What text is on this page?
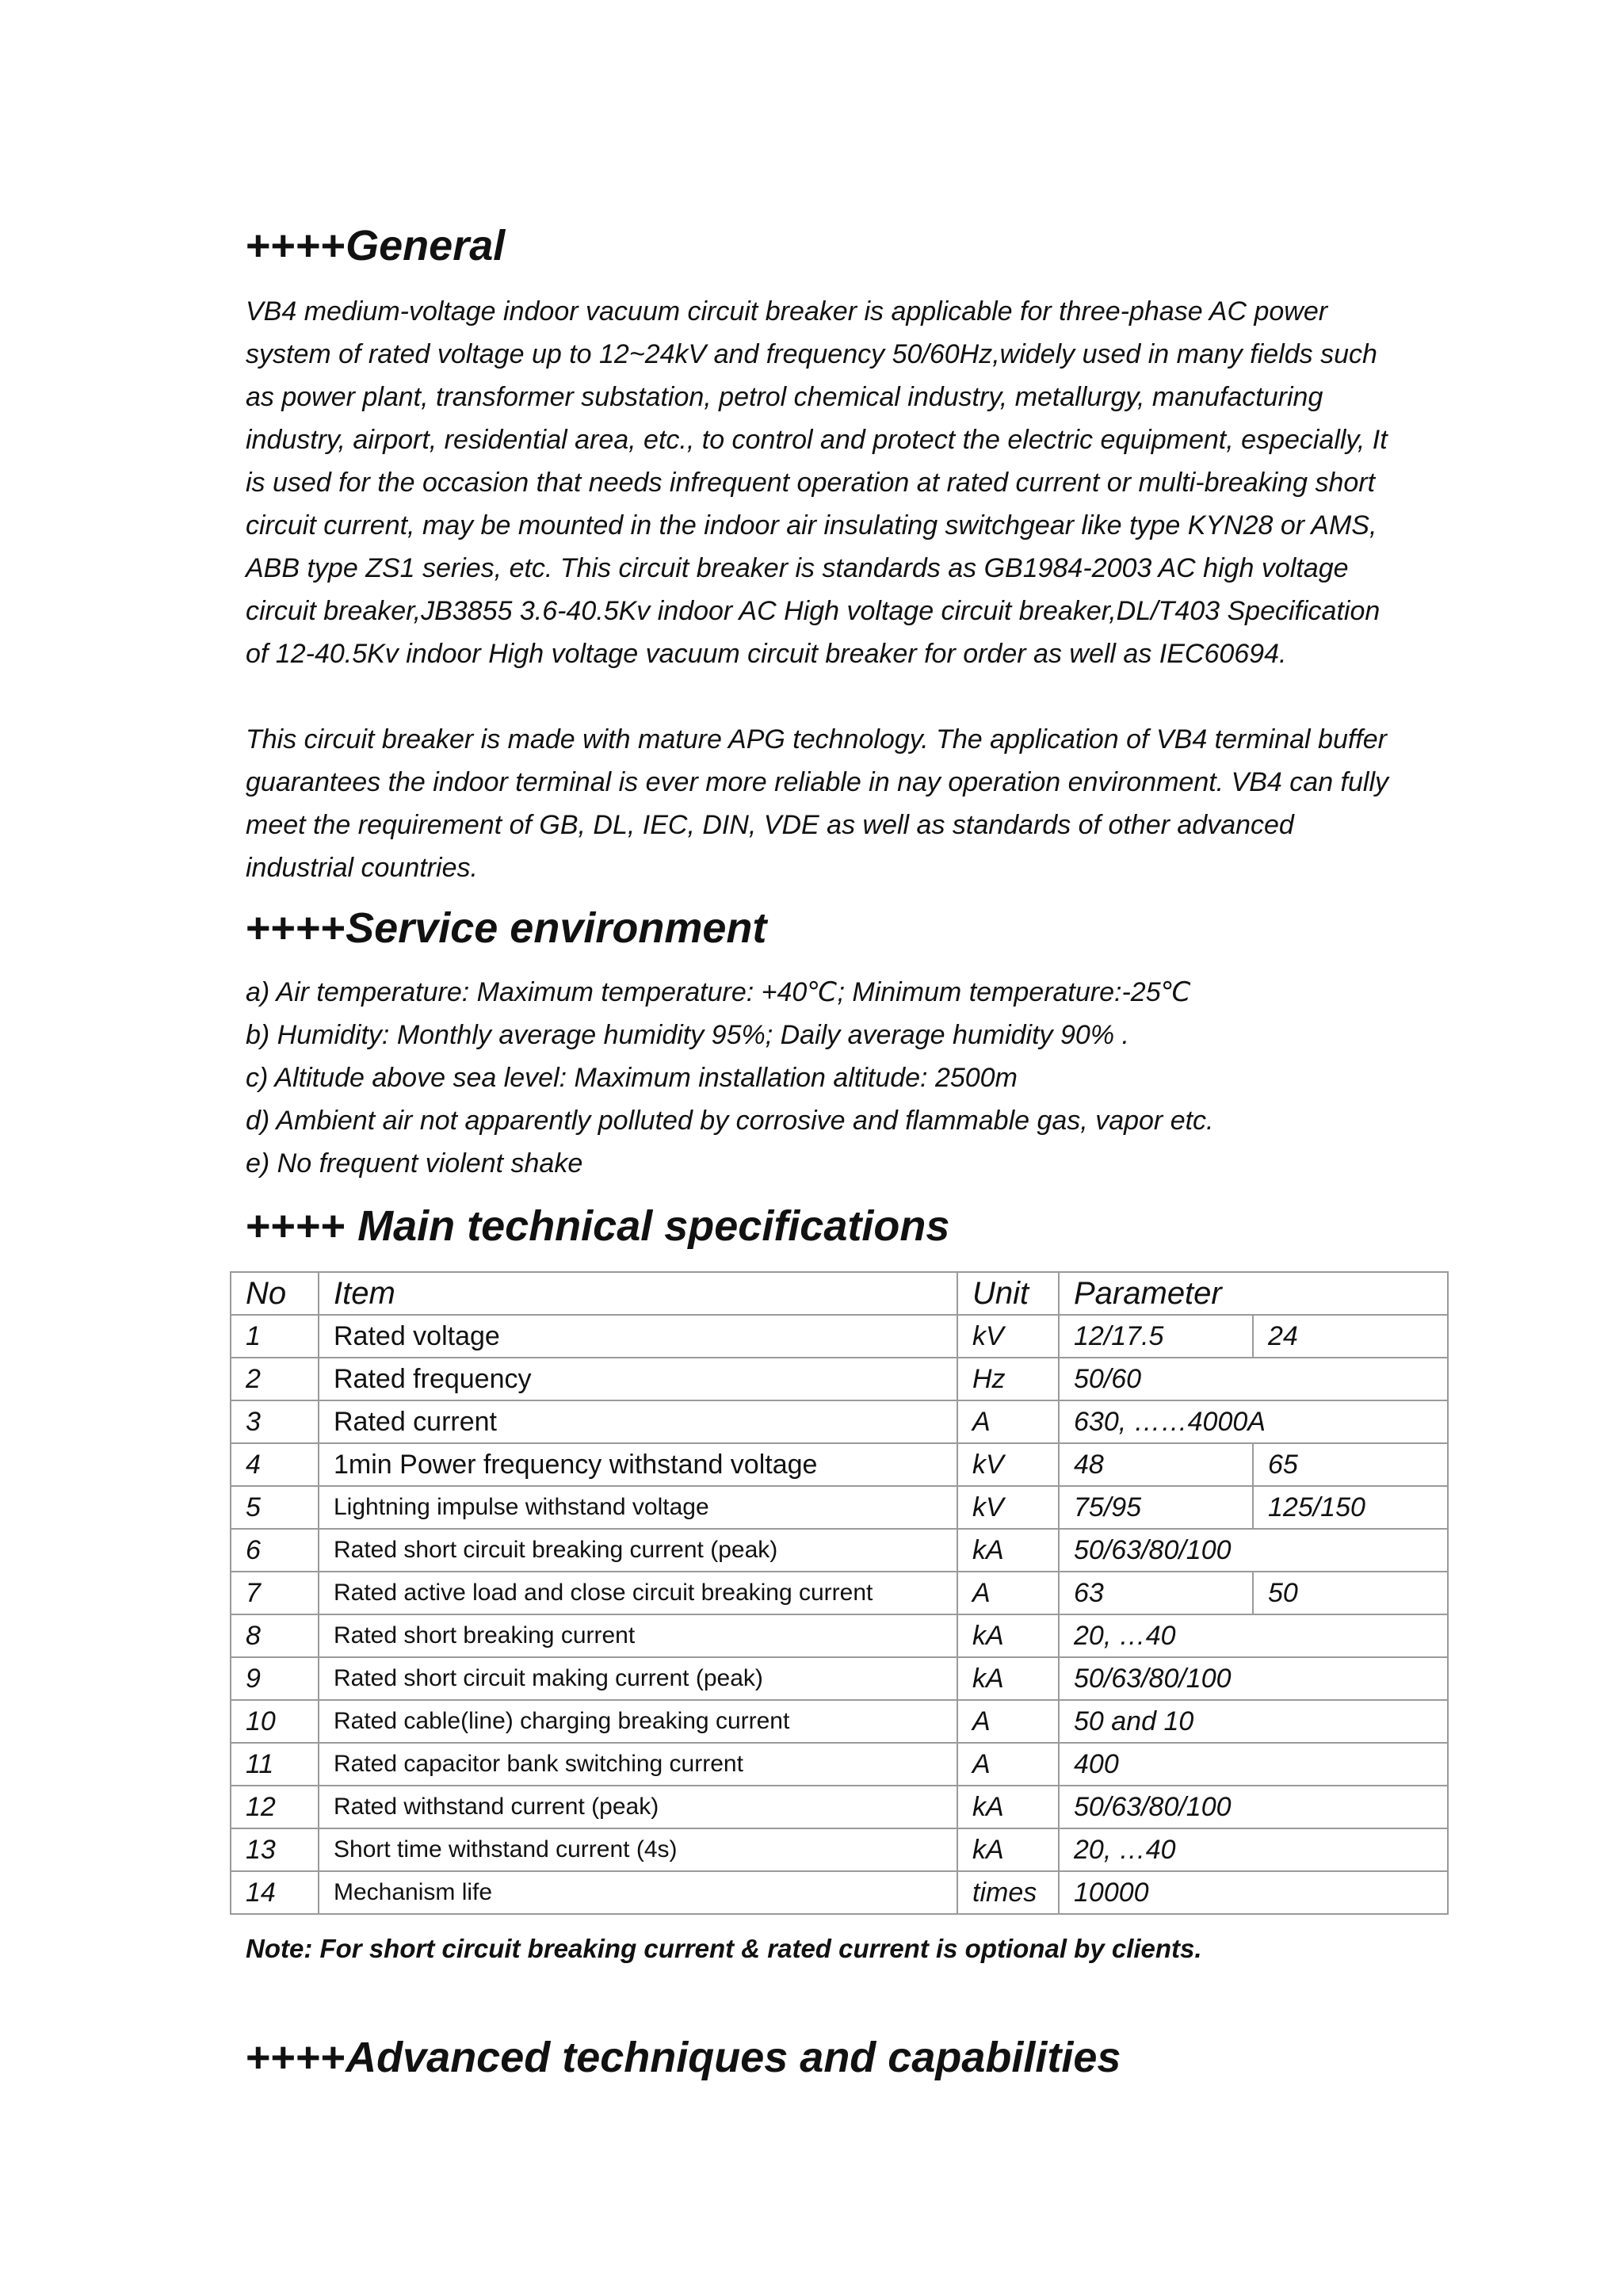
++++General

VB4 medium-voltage indoor vacuum circuit breaker is applicable for three-phase AC power system of rated voltage up to 12~24kV and frequency 50/60Hz,widely used in many fields such as power plant, transformer substation, petrol chemical industry, metallurgy, manufacturing industry, airport, residential area, etc., to control and protect the electric equipment, especially, It is used for the occasion that needs infrequent operation at rated current or multi-breaking short circuit current, may be mounted in the indoor air insulating switchgear like type KYN28 or AMS, ABB type ZS1 series, etc. This circuit breaker is standards as GB1984-2003 AC high voltage circuit breaker,JB3855 3.6-40.5Kv indoor AC High voltage circuit breaker,DL/T403 Specification of 12-40.5Kv indoor High voltage vacuum circuit breaker for order as well as IEC60694.

This circuit breaker is made with mature APG technology. The application of VB4 terminal buffer guarantees the indoor terminal is ever more reliable in nay operation environment. VB4 can fully meet the requirement of GB, DL, IEC, DIN, VDE as well as standards of other advanced industrial countries.

++++Service environment
a) Air temperature: Maximum temperature: +40℃; Minimum temperature:-25℃
b) Humidity: Monthly average humidity 95%; Daily average humidity 90% .
c) Altitude above sea level: Maximum installation altitude: 2500m
d) Ambient air not apparently polluted by corrosive and flammable gas, vapor etc.
e) No frequent violent shake
++++ Main technical specifications
No	Item	Unit	Parameter	
1	Rated voltage	kV	12/17.5	24
2	Rated frequency	Hz	50/60	
3	Rated current	A	630, ……4000A	
4	1min Power frequency withstand voltage	kV	48	65
5	Lightning impulse withstand voltage	kV	75/95	125/150
6	Rated short circuit breaking current (peak)	kA	50/63/80/100	
7	Rated active load and close circuit breaking current	A	63	50
8	Rated short breaking current	kA	20, …40	
9	Rated short circuit making current (peak)	kA	50/63/80/100	
10	Rated cable(line) charging breaking current	A	50 and 10	
11	Rated capacitor bank switching current	A	400	
12	Rated withstand current (peak)	kA	50/63/80/100	
13	Short time withstand current (4s)	kA	20, …40	
14	Mechanism life	times	10000	

Note: For short circuit breaking current & rated current is optional by clients.

++++Advanced techniques and capabilities
